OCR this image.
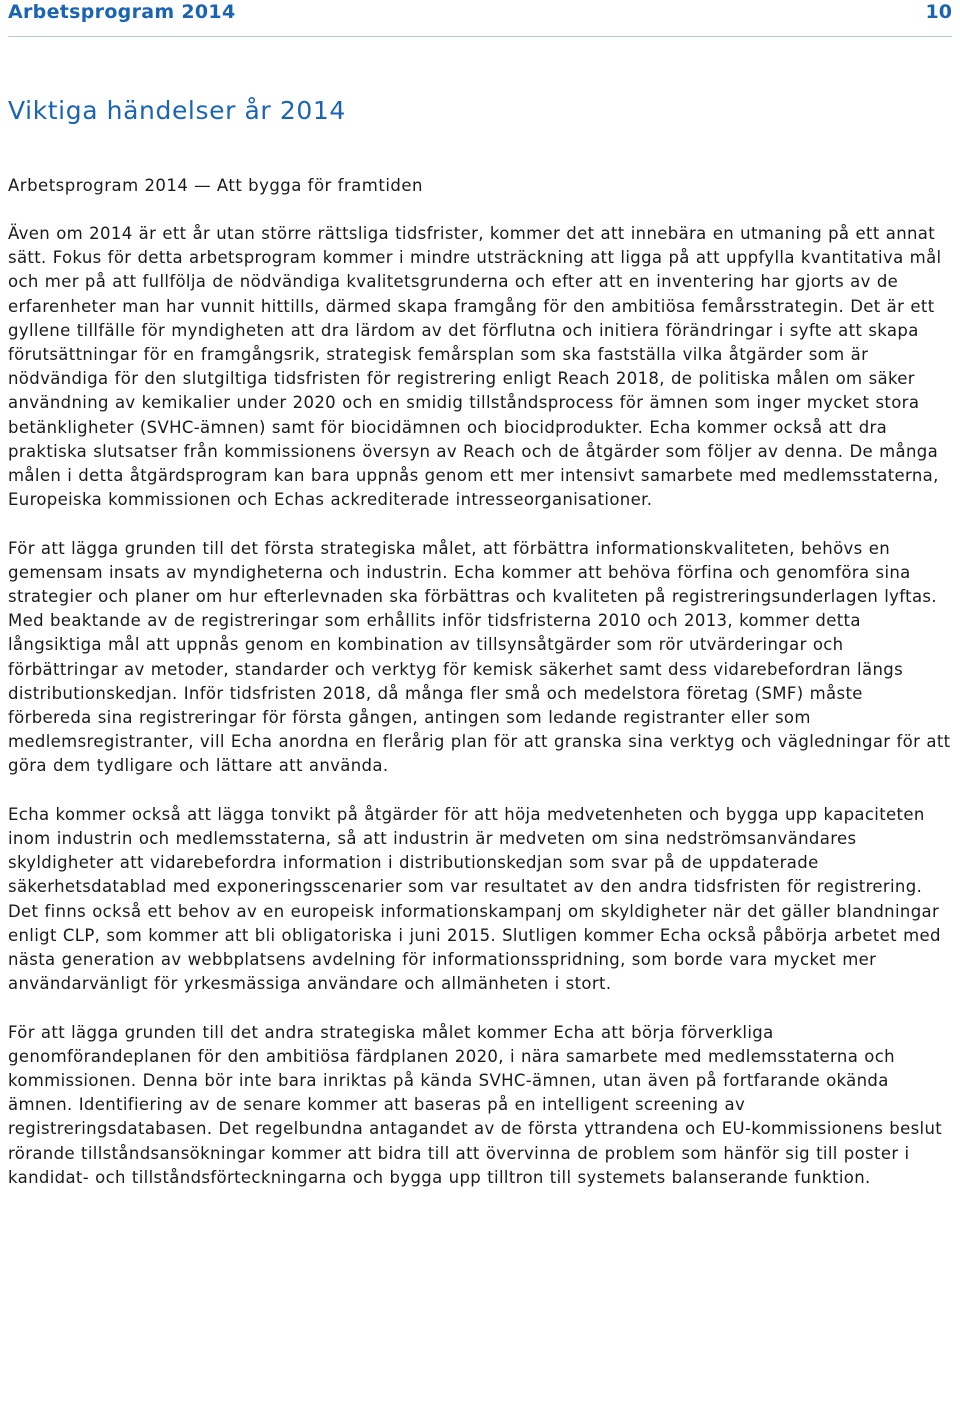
Arbetsprogram 2014	10
Viktiga händelser år 2014

Arbetsprogram 2014 — Att bygga för framtiden

Även om 2014 är ett år utan större rättsliga tidsfrister, kommer det att innebära en utmaning på ett annat sätt. Fokus för detta arbetsprogram kommer i mindre utsträckning att ligga på att uppfylla kvantitativa mål och mer på att fullfölja de nödvändiga kvalitetsgrunderna och efter att en inventering har gjorts av de erfarenheter man har vunnit hittills, därmed skapa framgång för den ambitiösa femårsstrategin. Det är ett gyllene tillfälle för myndigheten att dra lärdom av det förflutna och initiera förändringar i syfte att skapa förutsättningar för en framgångsrik, strategisk femårsplan som ska fastställa vilka åtgärder som är nödvändiga för den slutgiltiga tidsfristen för registrering enligt Reach 2018, de politiska målen om säker användning av kemikalier under 2020 och en smidig tillståndsprocess för ämnen som inger mycket stora betänkligheter (SVHC-ämnen) samt för biocidämnen och biocidprodukter. Echa kommer också att dra praktiska slutsatser från kommissionens översyn av Reach och de åtgärder som följer av denna. De många målen i detta åtgärdsprogram kan bara uppnås genom ett mer intensivt samarbete med medlemsstaterna, Europeiska kommissionen och Echas ackrediterade intresseorganisationer.

För att lägga grunden till det första strategiska målet, att förbättra informationskvaliteten, behövs en gemensam insats av myndigheterna och industrin. Echa kommer att behöva förfina och genomföra sina strategier och planer om hur efterlevnaden ska förbättras och kvaliteten på registreringsunderlagen lyftas. Med beaktande av de registreringar som erhållits inför tidsfristerna 2010 och 2013, kommer detta långsiktiga mål att uppnås genom en kombination av tillsynsåtgärder som rör utvärderingar och förbättringar av metoder, standarder och verktyg för kemisk säkerhet samt dess vidarebefordran längs distributionskedjan. Inför tidsfristen 2018, då många fler små och medelstora företag (SMF) måste förbereda sina registreringar för första gången, antingen som ledande registranter eller som medlemsregistranter, vill Echa anordna en flerårig plan för att granska sina verktyg och vägledningar för att göra dem tydligare och lättare att använda.

Echa kommer också att lägga tonvikt på åtgärder för att höja medvetenheten och bygga upp kapaciteten inom industrin och medlemsstaterna, så att industrin är medveten om sina nedströmsanvändares skyldigheter att vidarebefordra information i distributionskedjan som svar på de uppdaterade säkerhetsdatablad med exponeringsscenarier som var resultatet av den andra tidsfristen för registrering. Det finns också ett behov av en europeisk informationskampanj om skyldigheter när det gäller blandningar enligt CLP, som kommer att bli obligatoriska i juni 2015. Slutligen kommer Echa också påbörja arbetet med nästa generation av webbplatsens avdelning för informationsspridning, som borde vara mycket mer användarvänligt för yrkesmässiga användare och allmänheten i stort.

För att lägga grunden till det andra strategiska målet kommer Echa att börja förverkliga genomförandeplanen för den ambitiösa färdplanen 2020, i nära samarbete med medlemsstaterna och kommissionen. Denna bör inte bara inriktas på kända SVHC-ämnen, utan även på fortfarande okända ämnen. Identifiering av de senare kommer att baseras på en intelligent screening av registreringsdatabasen. Det regelbundna antagandet av de första yttrandena och EU-kommissionens beslut rörande tillståndsansökningar kommer att bidra till att övervinna de problem som hänför sig till poster i kandidat- och tillståndsförteckningarna och bygga upp tilltron till systemets balanserande funktion.
